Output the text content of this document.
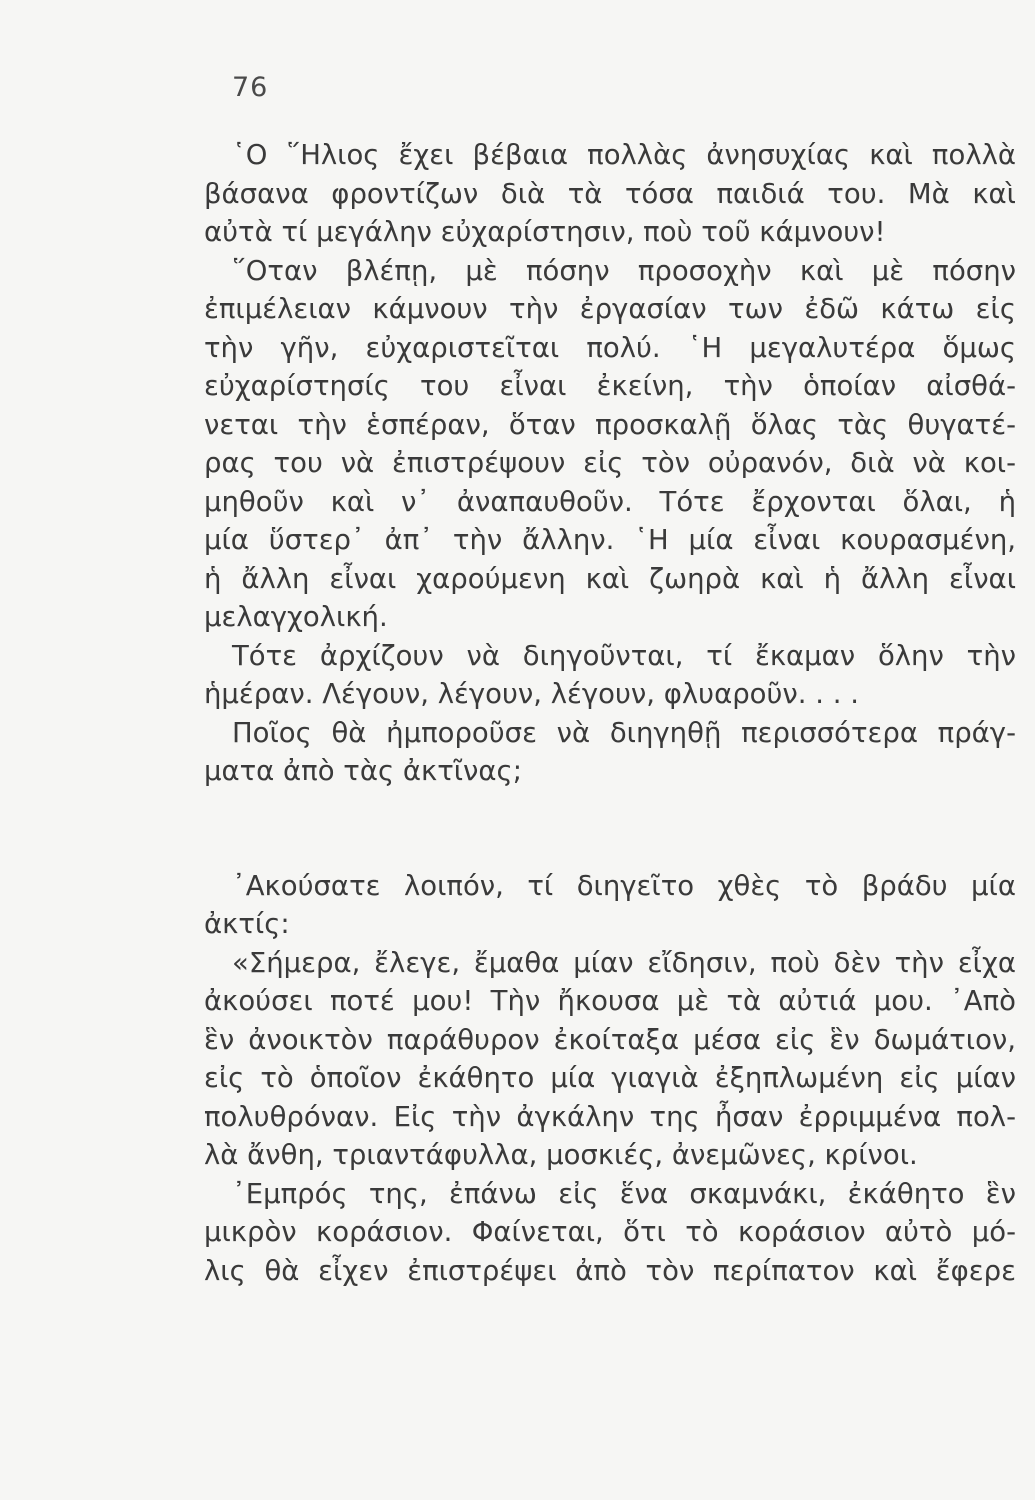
76
῾Ο ῞Ηλιος ἔχει βέβαια πολλὰς ἀνησυχίας καὶ πολλὰ
βάσανα φροντίζων διὰ τὰ τόσα παιδιά του. Μὰ καὶ
αὐτὰ τί μεγάλην εὐχαρίστησιν, ποὺ τοῦ κάμνουν!
῞Οταν βλέπῃ, μὲ πόσην προσοχὴν καὶ μὲ πόσην
ἐπιμέλειαν κάμνουν τὴν ἐργασίαν των ἐδῶ κάτω εἰς
τὴν γῆν, εὐχαριστεῖται πολύ. ῾Η μεγαλυτέρα ὅμως
εὐχαρίστησίς του εἶναι ἐκείνη, τὴν ὁποίαν αἰσθά-
νεται τὴν ἑσπέραν, ὅταν προσκαλῇ ὅλας τὰς θυγατέ-
ρας του νὰ ἐπιστρέψουν εἰς τὸν οὐρανόν, διὰ νὰ κοι-
μηθοῦν καὶ ν᾿ ἀναπαυθοῦν. Τότε ἔρχονται ὅλαι, ἡ
μία ὕστερ᾿ ἀπ᾿ τὴν ἄλλην. ῾Η μία εἶναι κουρασμένη,
ἡ ἄλλη εἶναι χαρούμενη καὶ ζωηρὰ καὶ ἡ ἄλλη εἶναι
μελαγχολική.
Τότε ἀρχίζουν νὰ διηγοῦνται, τί ἔκαμαν ὅλην τὴν
ἡμέραν. Λέγουν, λέγουν, λέγουν, φλυαροῦν. . . .
Ποῖος θὰ ἠμποροῦσε νὰ διηγηθῇ περισσότερα πράγ-
ματα ἀπὸ τὰς ἀκτῖνας;
᾿Ακούσατε λοιπόν, τί διηγεῖτο χθὲς τὸ βράδυ μία
ἀκτίς:
«Σήμερα, ἔλεγε, ἔμαθα μίαν εἴδησιν, ποὺ δὲν τὴν εἶχα
ἀκούσει ποτέ μου! Τὴν ἤκουσα μὲ τὰ αὐτιά μου. ᾿Απὸ
ἓν ἀνοικτὸν παράθυρον ἐκοίταξα μέσα εἰς ἓν δωμάτιον,
εἰς τὸ ὁποῖον ἐκάθητο μία γιαγιὰ ἐξηπλωμένη εἰς μίαν
πολυθρόναν. Εἰς τὴν ἀγκάλην της ἦσαν ἐρριμμένα πολ-
λὰ ἄνθη, τριαντάφυλλα, μοσκιές, ἀνεμῶνες, κρίνοι.
᾿Εμπρός της, ἐπάνω εἰς ἕνα σκαμνάκι, ἐκάθητο ἓν
μικρὸν κοράσιον. Φαίνεται, ὅτι τὸ κοράσιον αὐτὸ μό-
λις θὰ εἶχεν ἐπιστρέψει ἀπὸ τὸν περίπατον καὶ ἔφερε
